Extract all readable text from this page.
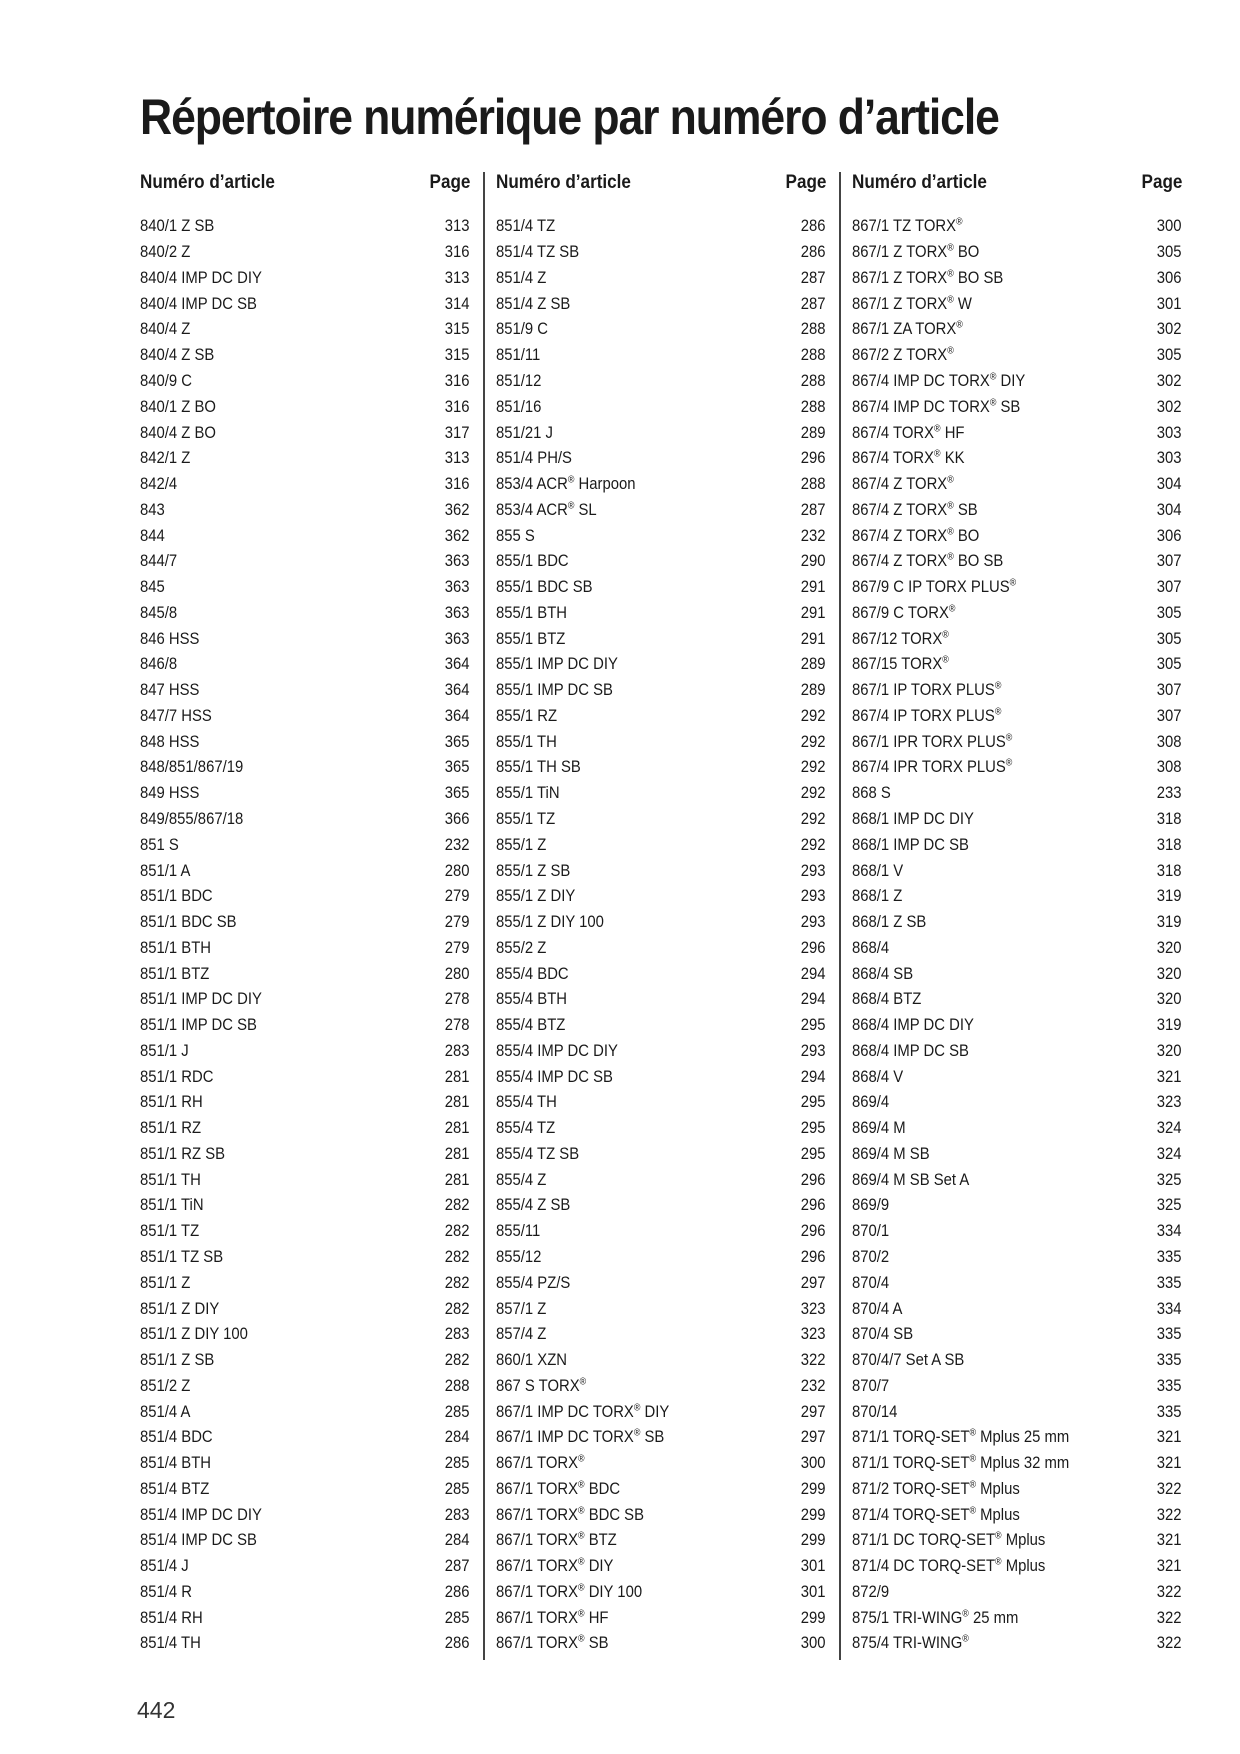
Répertoire numérique par numéro d’article
Numéro d’article	Page
840/1 Z SB	313
840/2 Z	316
840/4 IMP DC DIY	313
840/4 IMP DC SB	314
840/4 Z	315
840/4 Z SB	315
840/9 C	316
840/1 Z BO	316
840/4 Z BO	317
842/1 Z	313
842/4	316
843	362
844	362
844/7	363
845	363
845/8	363
846 HSS	363
846/8	364
847 HSS	364
847/7 HSS	364
848 HSS	365
848/851/867/19	365
849 HSS	365
849/855/867/18	366
851 S	232
851/1 A	280
851/1 BDC	279
851/1 BDC SB	279
851/1 BTH	279
851/1 BTZ	280
851/1 IMP DC DIY	278
851/1 IMP DC SB	278
851/1 J	283
851/1 RDC	281
851/1 RH	281
851/1 RZ	281
851/1 RZ SB	281
851/1 TH	281
851/1 TiN	282
851/1 TZ	282
851/1 TZ SB	282
851/1 Z	282
851/1 Z DIY	282
851/1 Z DIY 100	283
851/1 Z SB	282
851/2 Z	288
851/4 A	285
851/4 BDC	284
851/4 BTH	285
851/4 BTZ	285
851/4 IMP DC DIY	283
851/4 IMP DC SB	284
851/4 J	287
851/4 R	286
851/4 RH	285
851/4 TH	286
Numéro d’article	Page
851/4 TZ	286
851/4 TZ SB	286
851/4 Z	287
851/4 Z SB	287
851/9 C	288
851/11	288
851/12	288
851/16	288
851/21 J	289
851/4 PH/S	296
853/4 ACR® Harpoon	288
853/4 ACR® SL	287
855 S	232
855/1 BDC	290
855/1 BDC SB	291
855/1 BTH	291
855/1 BTZ	291
855/1 IMP DC DIY	289
855/1 IMP DC SB	289
855/1 RZ	292
855/1 TH	292
855/1 TH SB	292
855/1 TiN	292
855/1 TZ	292
855/1 Z	292
855/1 Z SB	293
855/1 Z DIY	293
855/1 Z DIY 100	293
855/2 Z	296
855/4 BDC	294
855/4 BTH	294
855/4 BTZ	295
855/4 IMP DC DIY	293
855/4 IMP DC SB	294
855/4 TH	295
855/4 TZ	295
855/4 TZ SB	295
855/4 Z	296
855/4 Z SB	296
855/11	296
855/12	296
855/4 PZ/S	297
857/1 Z	323
857/4 Z	323
860/1 XZN	322
867 S TORX®	232
867/1 IMP DC TORX® DIY	297
867/1 IMP DC TORX® SB	297
867/1 TORX®	300
867/1 TORX® BDC	299
867/1 TORX® BDC SB	299
867/1 TORX® BTZ	299
867/1 TORX® DIY	301
867/1 TORX® DIY 100	301
867/1 TORX® HF	299
867/1 TORX® SB	300
Numéro d’article	Page
867/1 TZ TORX®	300
867/1 Z TORX® BO	305
867/1 Z TORX® BO SB	306
867/1 Z TORX® W	301
867/1 ZA TORX®	302
867/2 Z TORX®	305
867/4 IMP DC TORX® DIY	302
867/4 IMP DC TORX® SB	302
867/4 TORX® HF	303
867/4 TORX® KK	303
867/4 Z TORX®	304
867/4 Z TORX® SB	304
867/4 Z TORX® BO	306
867/4 Z TORX® BO SB	307
867/9 C IP TORX PLUS®	307
867/9 C TORX®	305
867/12 TORX®	305
867/15 TORX®	305
867/1 IP TORX PLUS®	307
867/4 IP TORX PLUS®	307
867/1 IPR TORX PLUS®	308
867/4 IPR TORX PLUS®	308
868 S	233
868/1 IMP DC DIY	318
868/1 IMP DC SB	318
868/1 V	318
868/1 Z	319
868/1 Z SB	319
868/4	320
868/4 SB	320
868/4 BTZ	320
868/4 IMP DC DIY	319
868/4 IMP DC SB	320
868/4 V	321
869/4	323
869/4 M	324
869/4 M SB	324
869/4 M SB Set A	325
869/9	325
870/1	334
870/2	335
870/4	335
870/4 A	334
870/4 SB	335
870/4/7 Set A SB	335
870/7	335
870/14	335
871/1 TORQ-SET® Mplus 25 mm	321
871/1 TORQ-SET® Mplus 32 mm	321
871/2 TORQ-SET® Mplus	322
871/4 TORQ-SET® Mplus	322
871/1 DC TORQ-SET® Mplus	321
871/4 DC TORQ-SET® Mplus	321
872/9	322
875/1 TRI-WING® 25 mm	322
875/4 TRI-WING®	322
442
